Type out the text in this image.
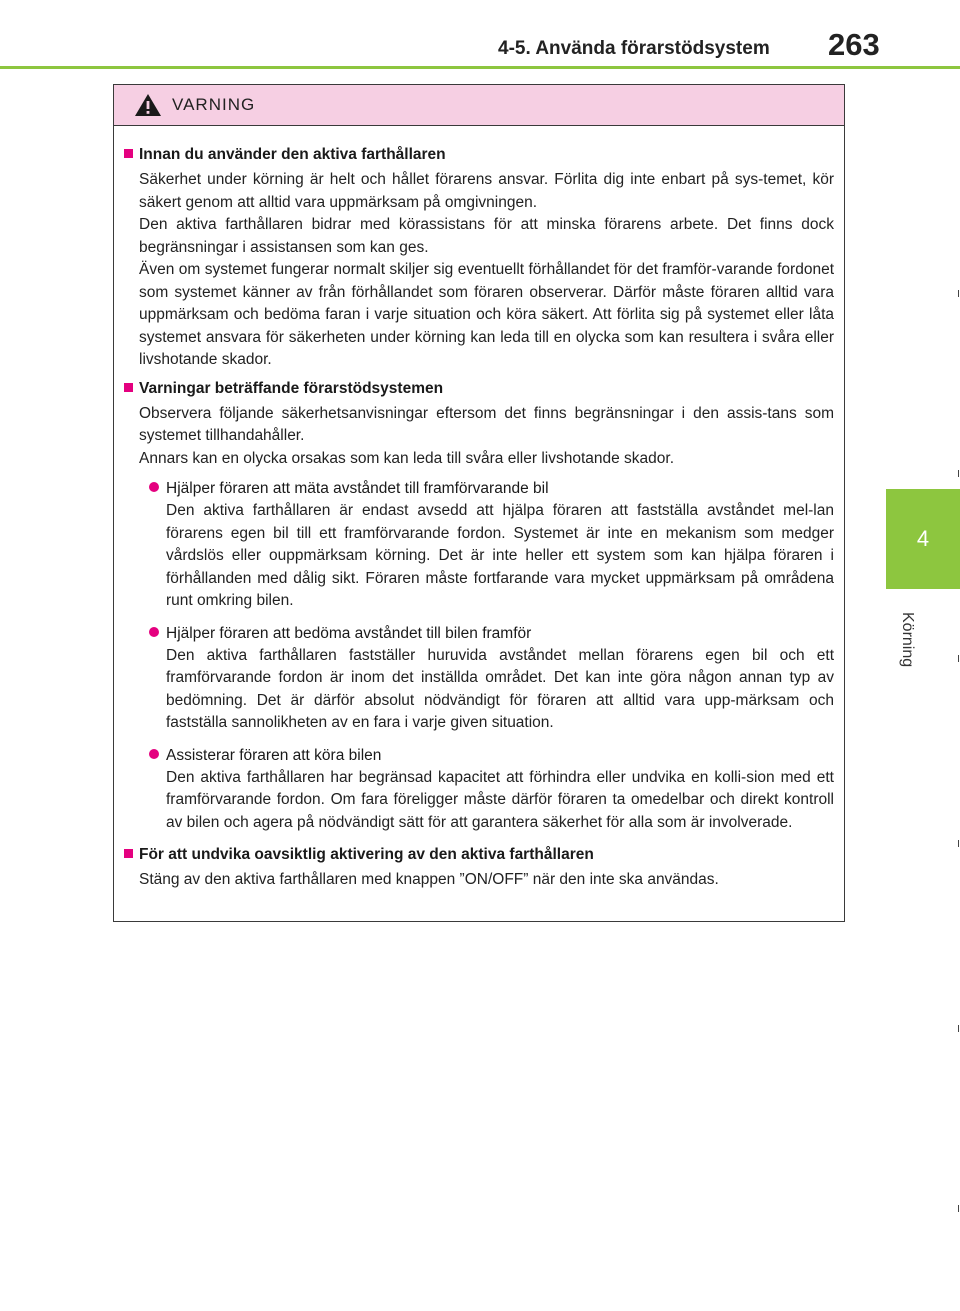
4-5. Använda förarstödsystem 263
4
Körning
VARNING
Innan du använder den aktiva farthållaren

Säkerhet under körning är helt och hållet förarens ansvar. Förlita dig inte enbart på sys-temet, kör säkert genom att alltid vara uppmärksam på omgivningen.

Den aktiva farthållaren bidrar med körassistans för att minska förarens arbete. Det finns dock begränsningar i assistansen som kan ges.

Även om systemet fungerar normalt skiljer sig eventuellt förhållandet för det framför-varande fordonet som systemet känner av från förhållandet som föraren observerar. Därför måste föraren alltid vara uppmärksam och bedöma faran i varje situation och köra säkert. Att förlita sig på systemet eller låta systemet ansvara för säkerheten under körning kan leda till en olycka som kan resultera i svåra eller livshotande skador.

Varningar beträffande förarstödsystemen

Observera följande säkerhetsanvisningar eftersom det finns begränsningar i den assis-tans som systemet tillhandahåller.

Annars kan en olycka orsakas som kan leda till svåra eller livshotande skador.

Hjälper föraren att mäta avståndet till framförvarande bil

Den aktiva farthållaren är endast avsedd att hjälpa föraren att fastställa avståndet mel-lan förarens egen bil till ett framförvarande fordon. Systemet är inte en mekanism som medger vårdslös eller ouppmärksam körning. Det är inte heller ett system som kan hjälpa föraren i förhållanden med dålig sikt. Föraren måste fortfarande vara mycket uppmärksam på områdena runt omkring bilen.

Hjälper föraren att bedöma avståndet till bilen framför

Den aktiva farthållaren fastställer huruvida avståndet mellan förarens egen bil och ett framförvarande fordon är inom det inställda området. Det kan inte göra någon annan typ av bedömning. Det är därför absolut nödvändigt för föraren att alltid vara upp-märksam och fastställa sannolikheten av en fara i varje given situation.

Assisterar föraren att köra bilen

Den aktiva farthållaren har begränsad kapacitet att förhindra eller undvika en kolli-sion med ett framförvarande fordon. Om fara föreligger måste därför föraren ta omedelbar och direkt kontroll av bilen och agera på nödvändigt sätt för att garantera säkerhet för alla som är involverade.

För att undvika oavsiktlig aktivering av den aktiva farthållaren

Stäng av den aktiva farthållaren med knappen ”ON/OFF” när den inte ska användas.
